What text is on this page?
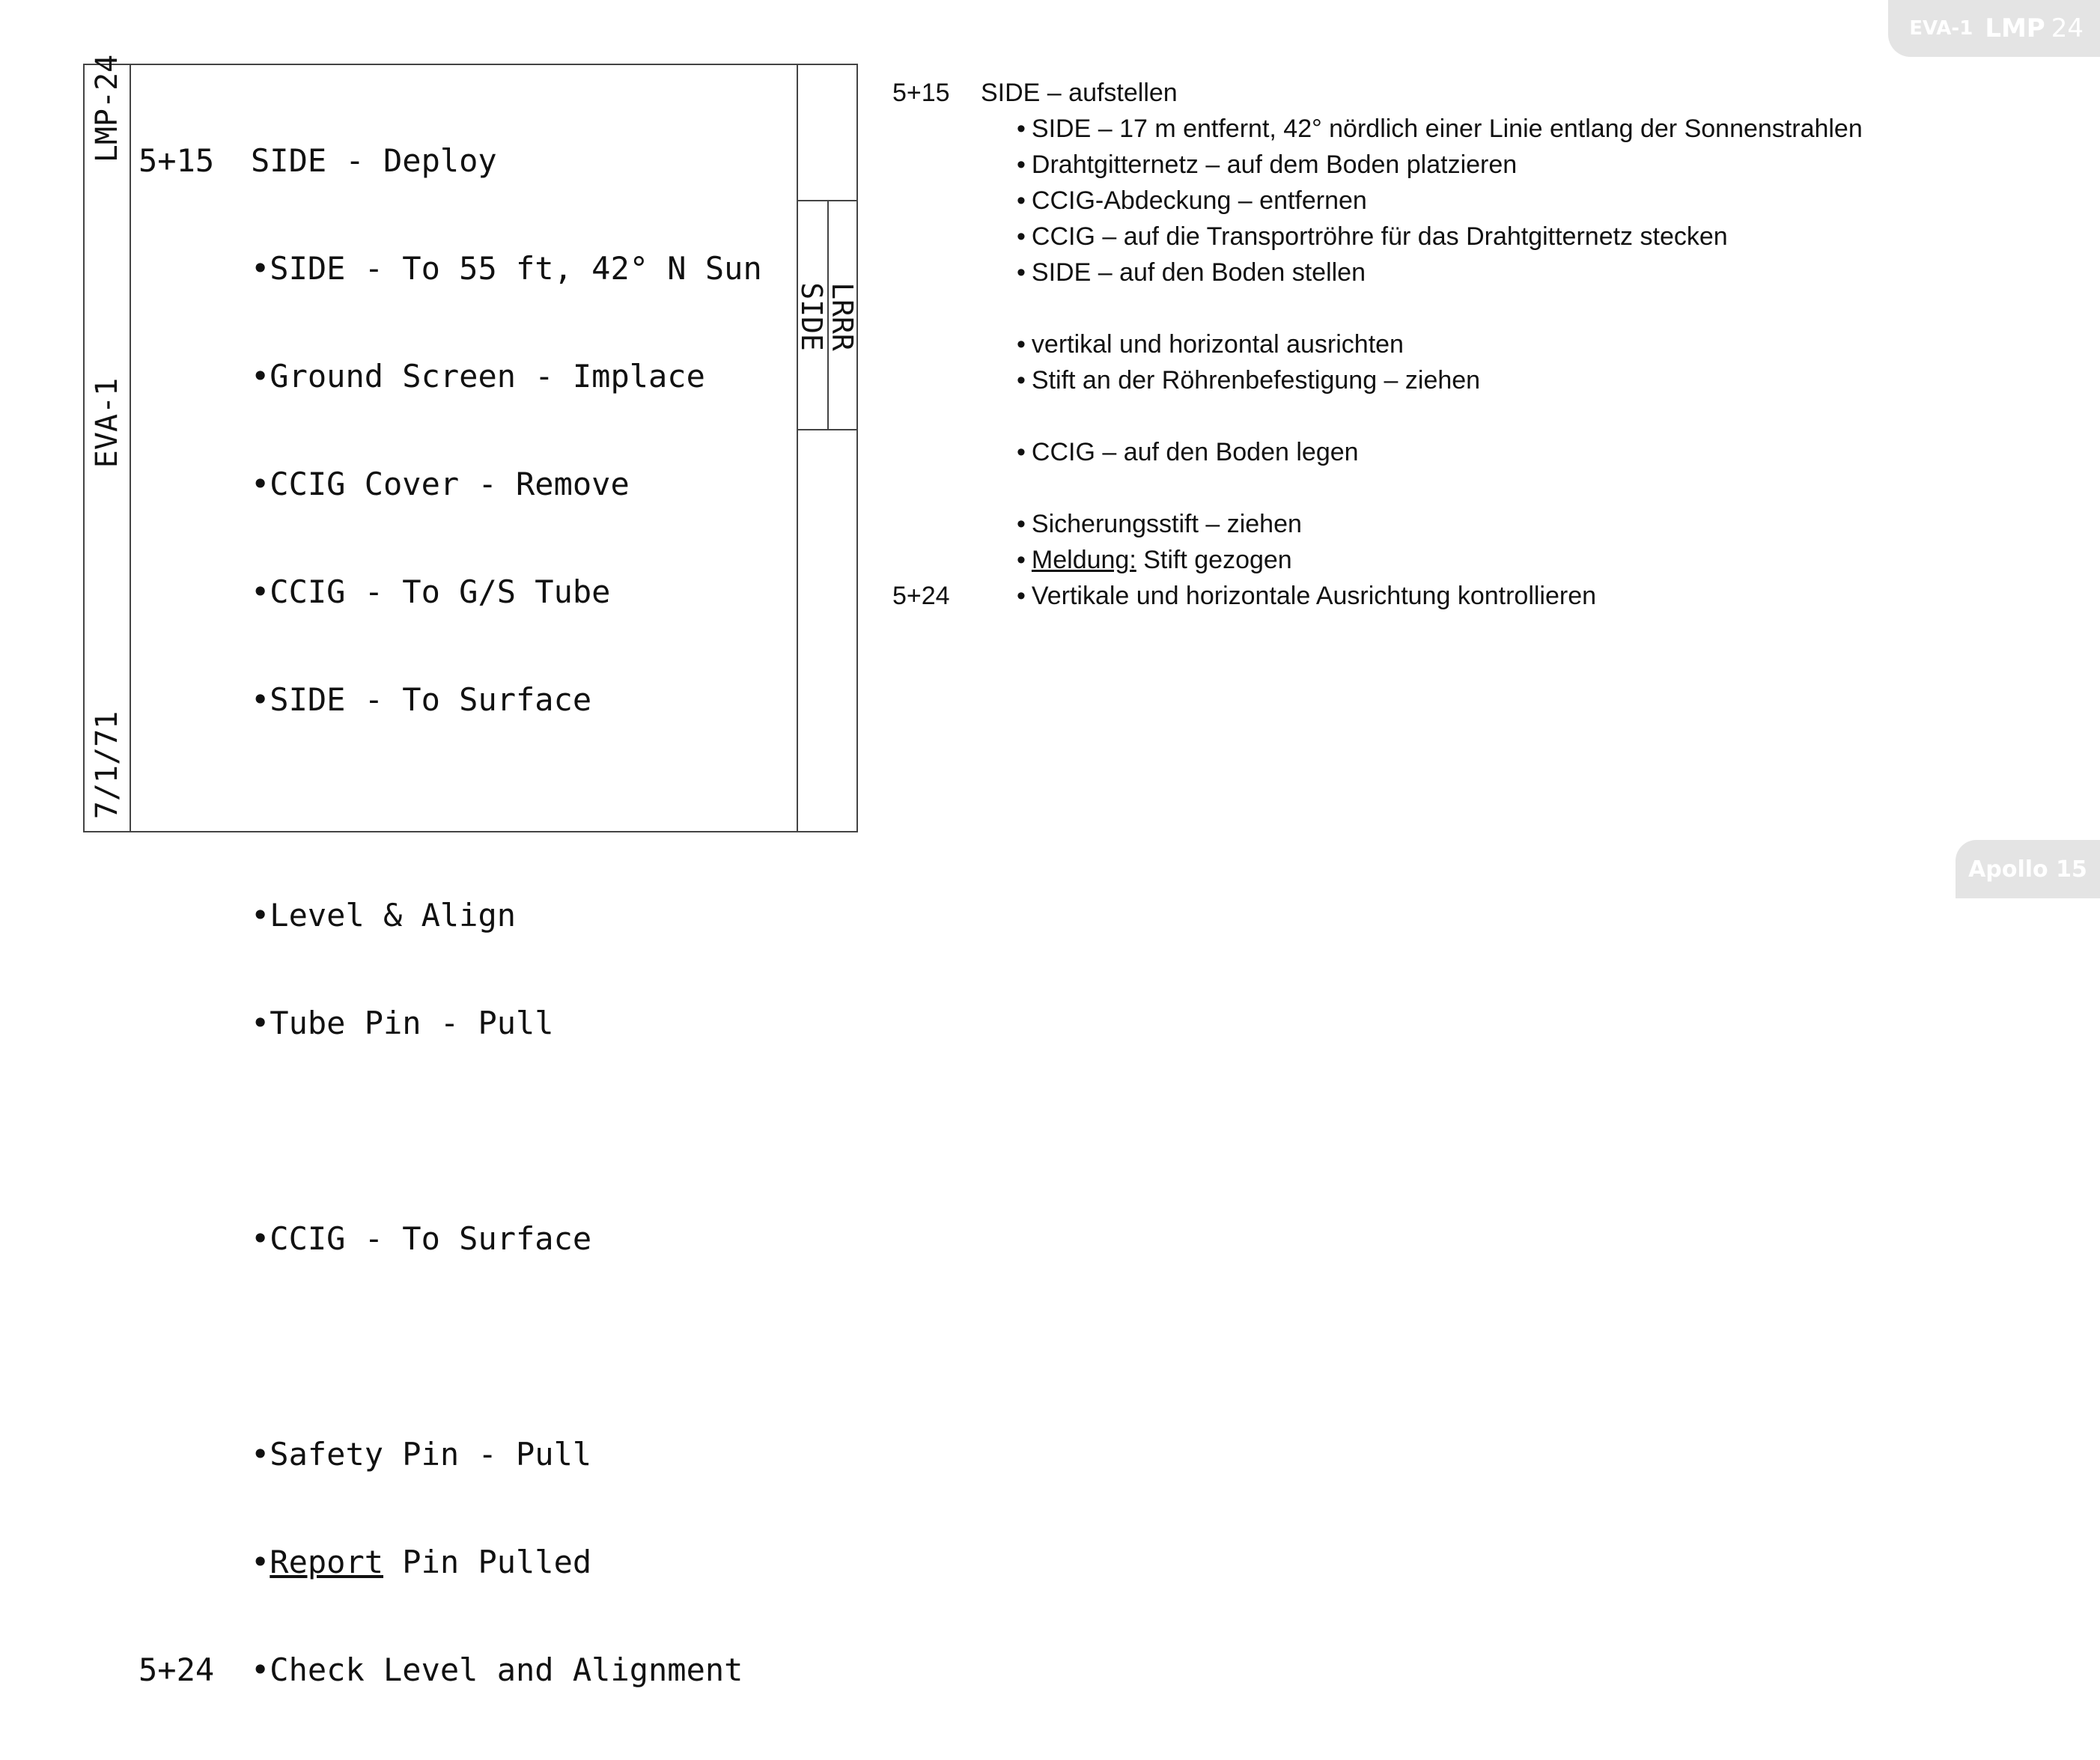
EVA-1 LMP 24
LMP-24
EVA-1
7/1/71

5+15 SIDE - Deploy

•SIDE - To 55 ft, 42° N Sun

•Ground Screen - Implace

•CCIG Cover - Remove

•CCIG - To G/S Tube

•SIDE - To Surface

•Level & Align

•Tube Pin - Pull

•CCIG - To Surface

•Safety Pin - Pull

•Report Pin Pulled

5+24 •Check Level and Alignment

LRRR
SIDE
5+15 SIDE – aufstellen
• SIDE – 17 m entfernt, 42° nördlich einer Linie entlang der Sonnenstrahlen
• Drahtgitternetz – auf dem Boden platzieren
• CCIG-Abdeckung – entfernen
• CCIG – auf die Transportröhre für das Drahtgitternetz stecken
• SIDE – auf den Boden stellen
• vertikal und horizontal ausrichten
• Stift an der Röhrenbefestigung – ziehen
• CCIG – auf den Boden legen
• Sicherungsstift – ziehen
• Meldung: Stift gezogen
5+24	• Vertikale und horizontale Ausrichtung kontrollieren
Apollo 15
